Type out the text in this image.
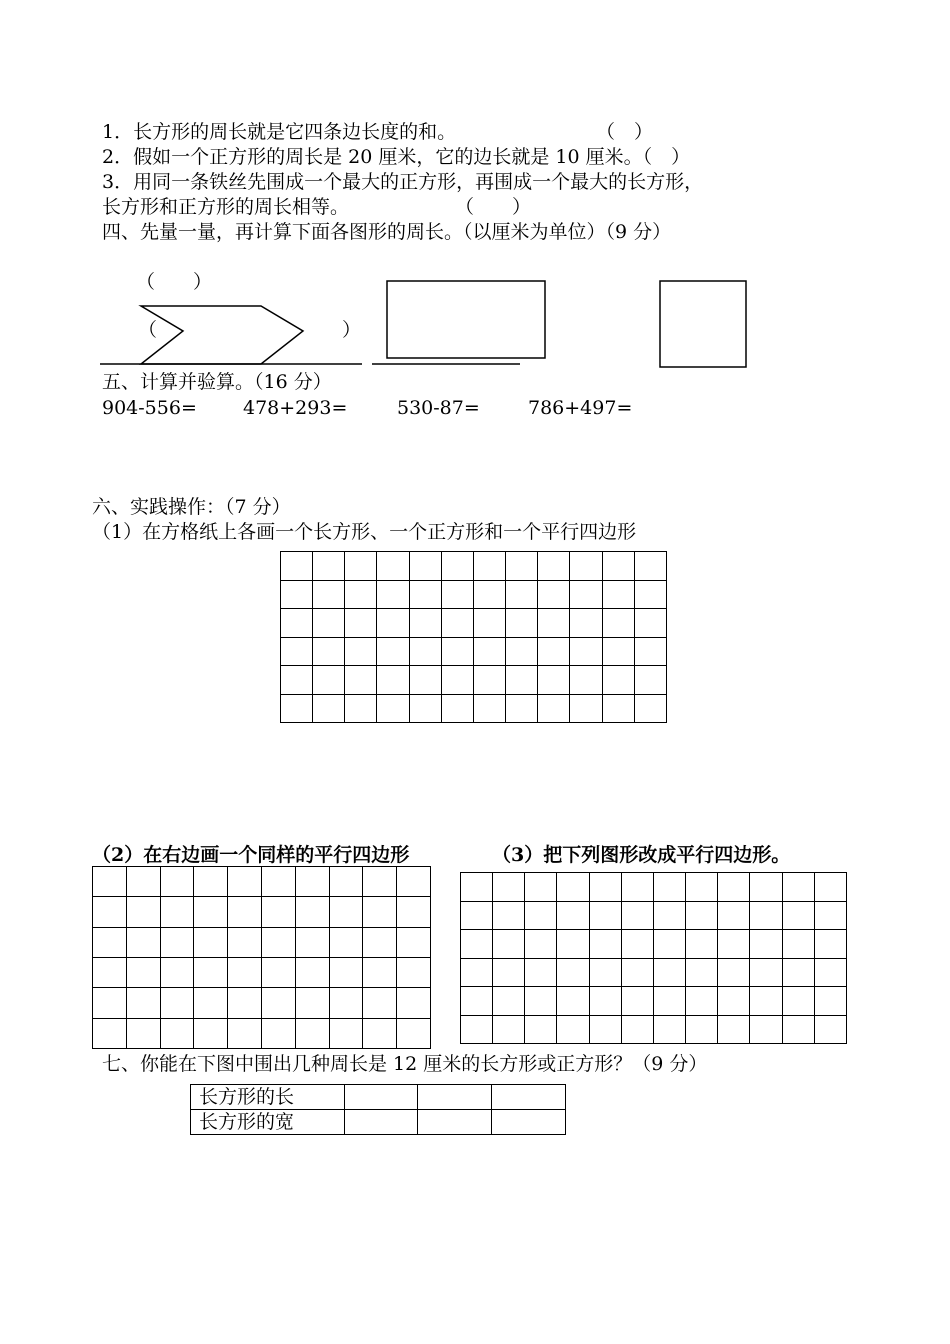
1．长方形的周长就是它四条边长度的和。	（　）
2．假如一个正方形的周长是 20 厘米，它的边长就是 10 厘米。（　）
3．用同一条铁丝先围成一个最大的正方形，再围成一个最大的长方形，
长方形和正方形的周长相等。	（　　）
四、先量一量，再计算下面各图形的周长。（以厘米为单位）（9 分）
（　　）
（	）
五、计算并验算。（16 分）
904-556= 478+293=	530-87=	786+497=
六、实践操作：（7 分）
（1）在方格纸上各画一个长方形、一个正方形和一个平行四边形

（2）在右边画一个同样的平行四边形	（3）把下列图形改成平行四边形。

七、你能在下图中围出几种周长是 12 厘米的长方形或正方形？（9 分）
长方形的长			
长方形的宽			
